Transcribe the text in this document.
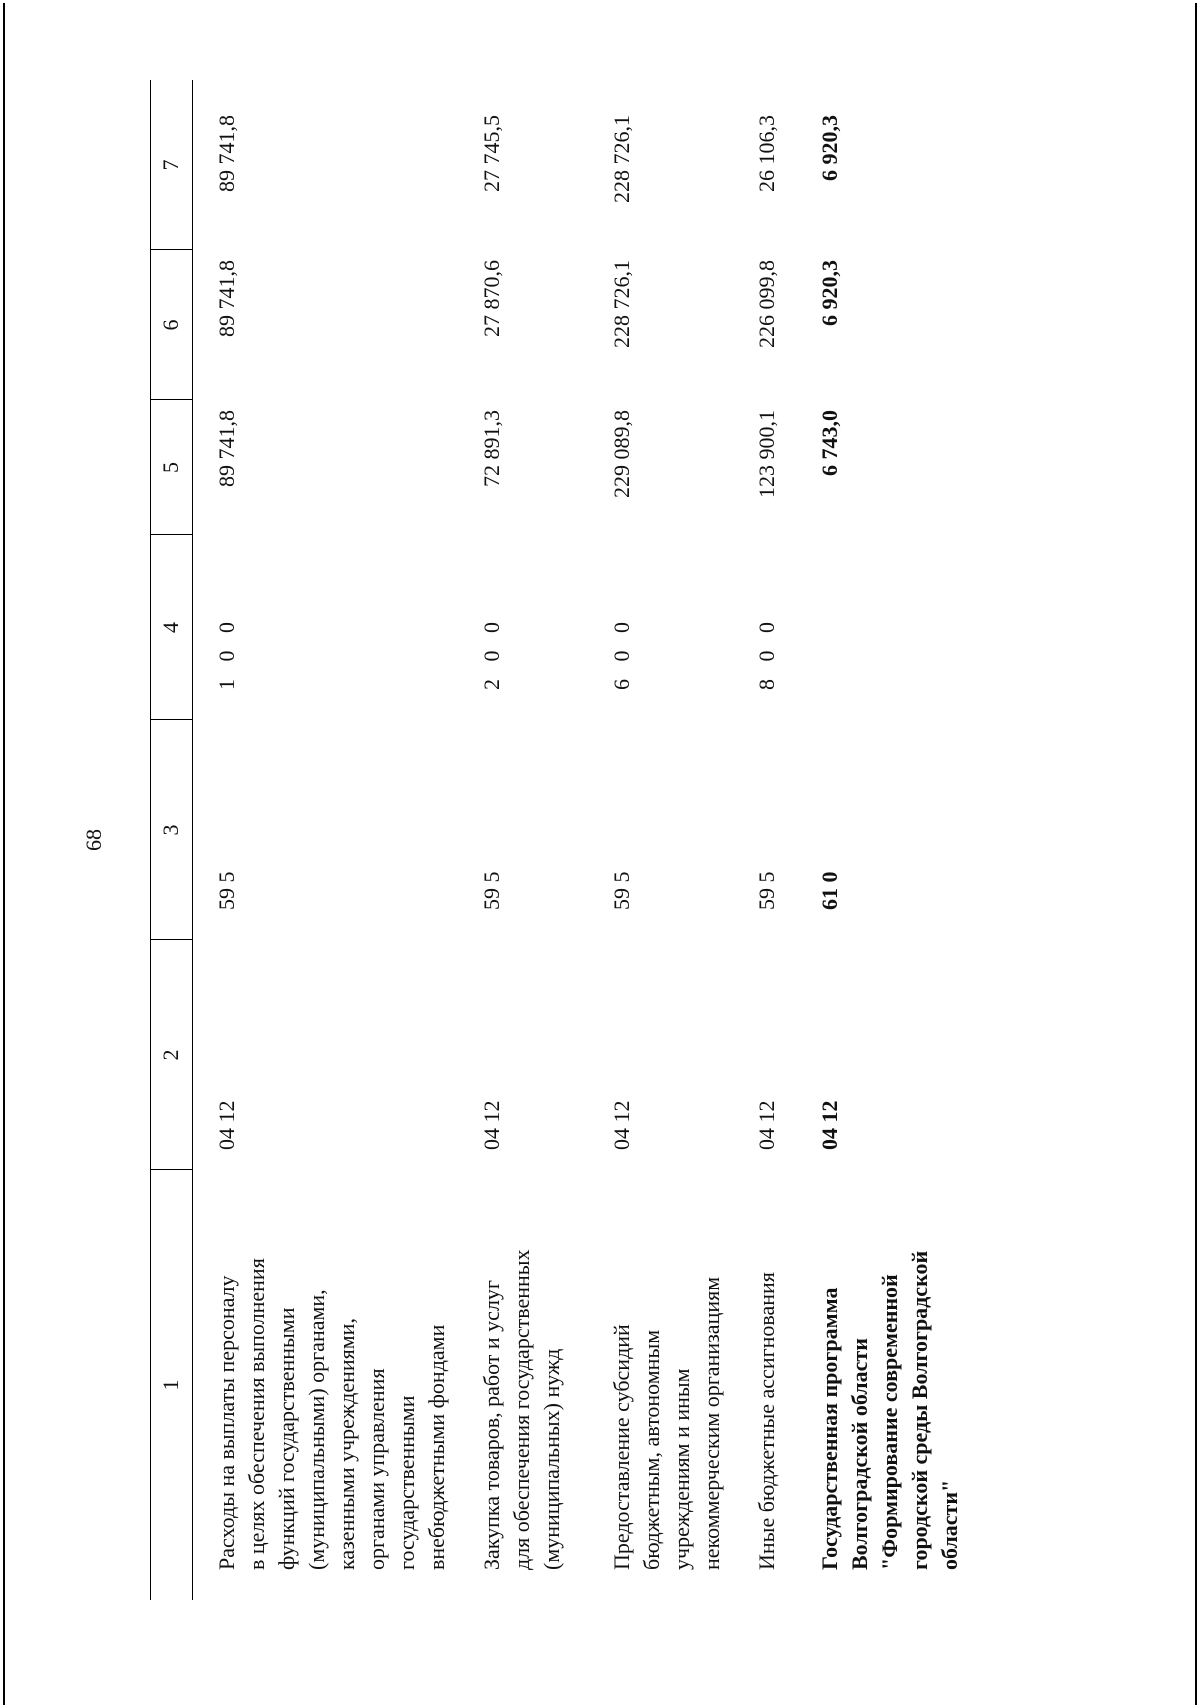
68
1
2
3
4
5
6
7
Расходы на выплаты персоналу в целях обеспечения выполнения функций государственными (муниципальными) органами, казенными учреждениями, органами управления государственными внебюджетными фондами
04 12
59 5
1 0 0
89 741,8
89 741,8
89 741,8
Закупка товаров, работ и услуг для обеспечения государственных (муниципальных) нужд
04 12
59 5
2 0 0
72 891,3
27 870,6
27 745,5
Предоставление субсидий бюджетным, автономным учреждениям и иным некоммерческим организациям
04 12
59 5
6 0 0
229 089,8
228 726,1
228 726,1
Иные бюджетные ассигнования
04 12
59 5
8 0 0
123 900,1
226 099,8
26 106,3
Государственная программа Волгоградской области "Формирование современной городской среды Волгоградской области"
04 12
61 0
6 743,0
6 920,3
6 920,3
